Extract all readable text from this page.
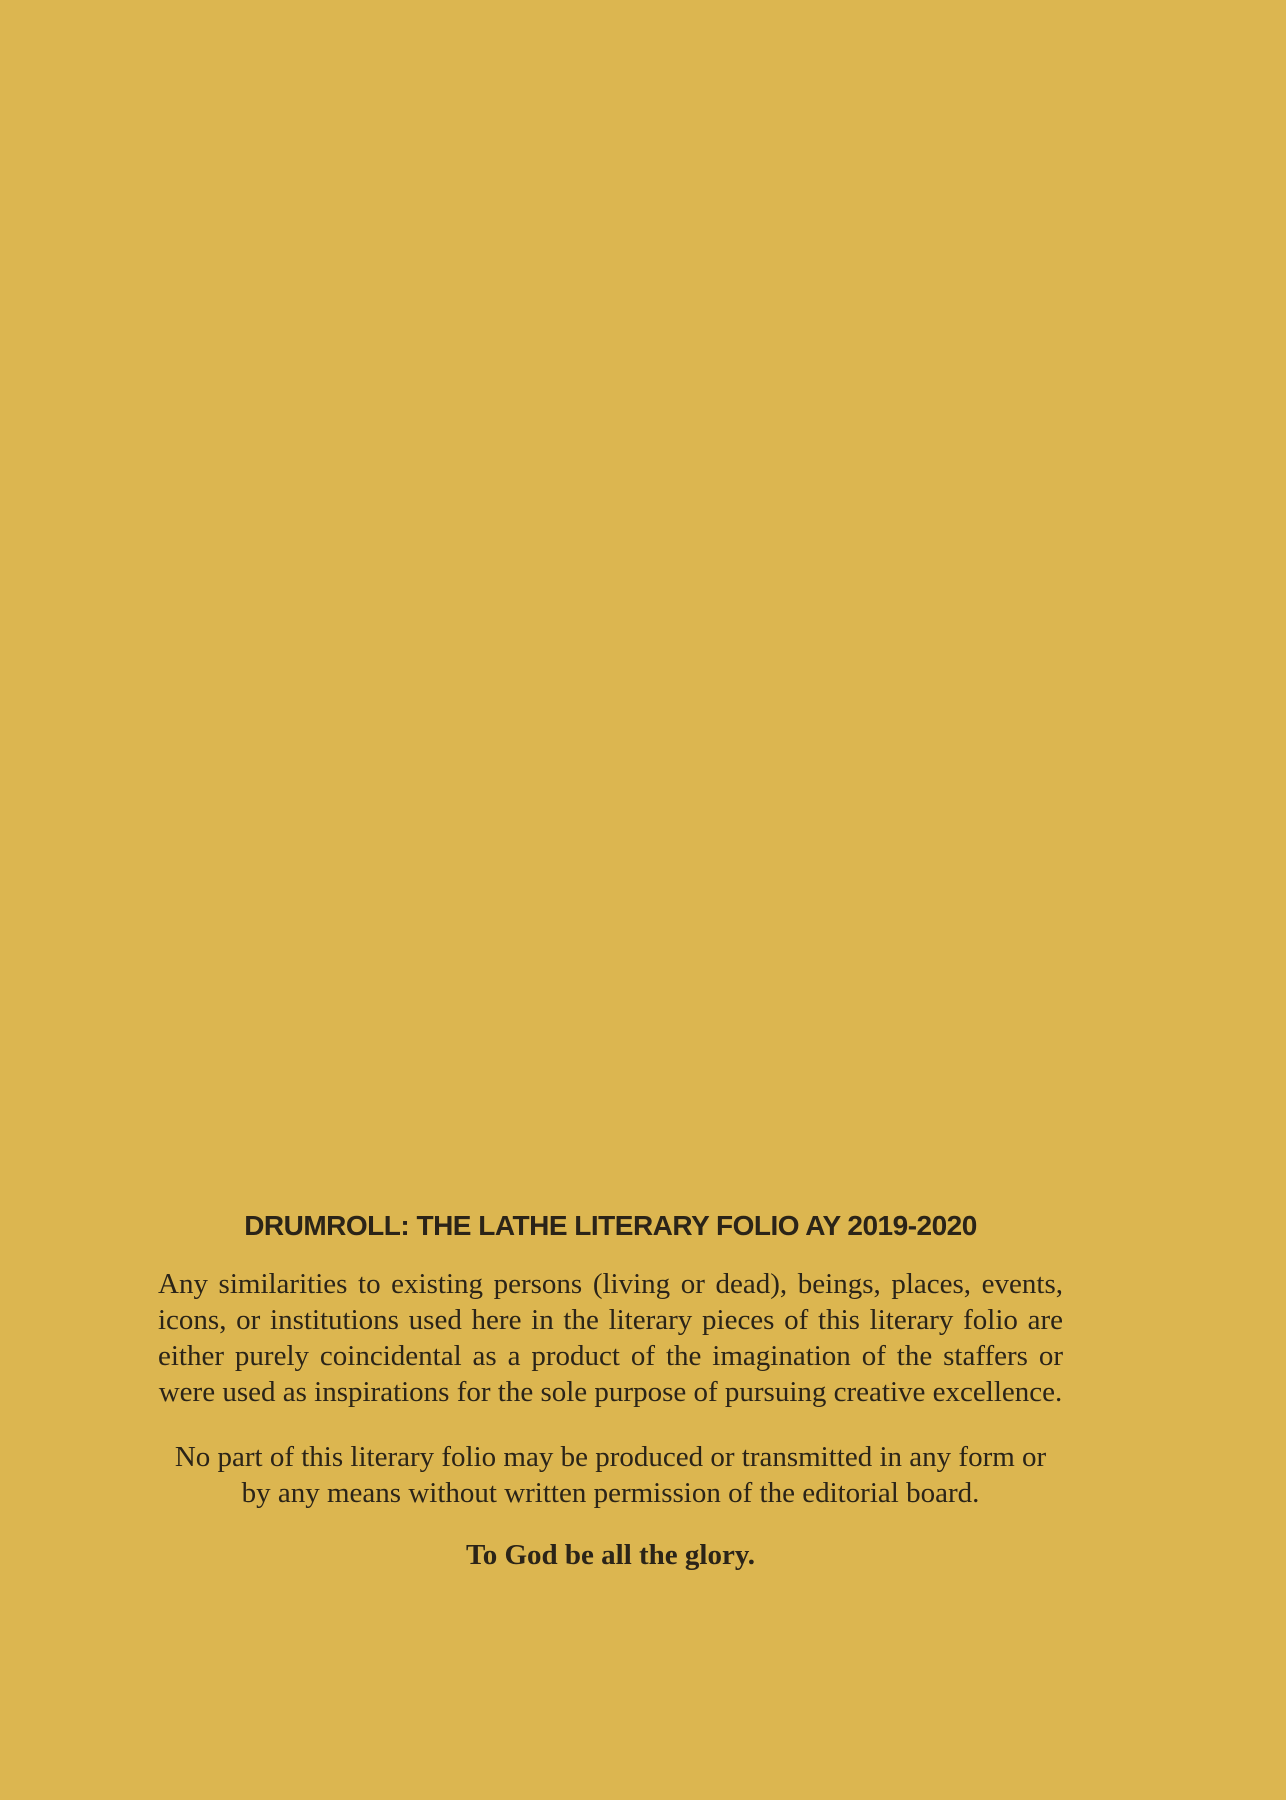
DRUMROLL: THE LATHE LITERARY FOLIO AY 2019-2020

Any similarities to existing persons (living or dead), beings, places, events, icons, or institutions used here in the literary pieces of this literary folio are either purely coincidental as a product of the imagination of the staffers or were used as inspirations for the sole purpose of pursuing creative excellence.

No part of this literary folio may be produced or transmitted in any form or by any means without written permission of the editorial board.

To God be all the glory.
